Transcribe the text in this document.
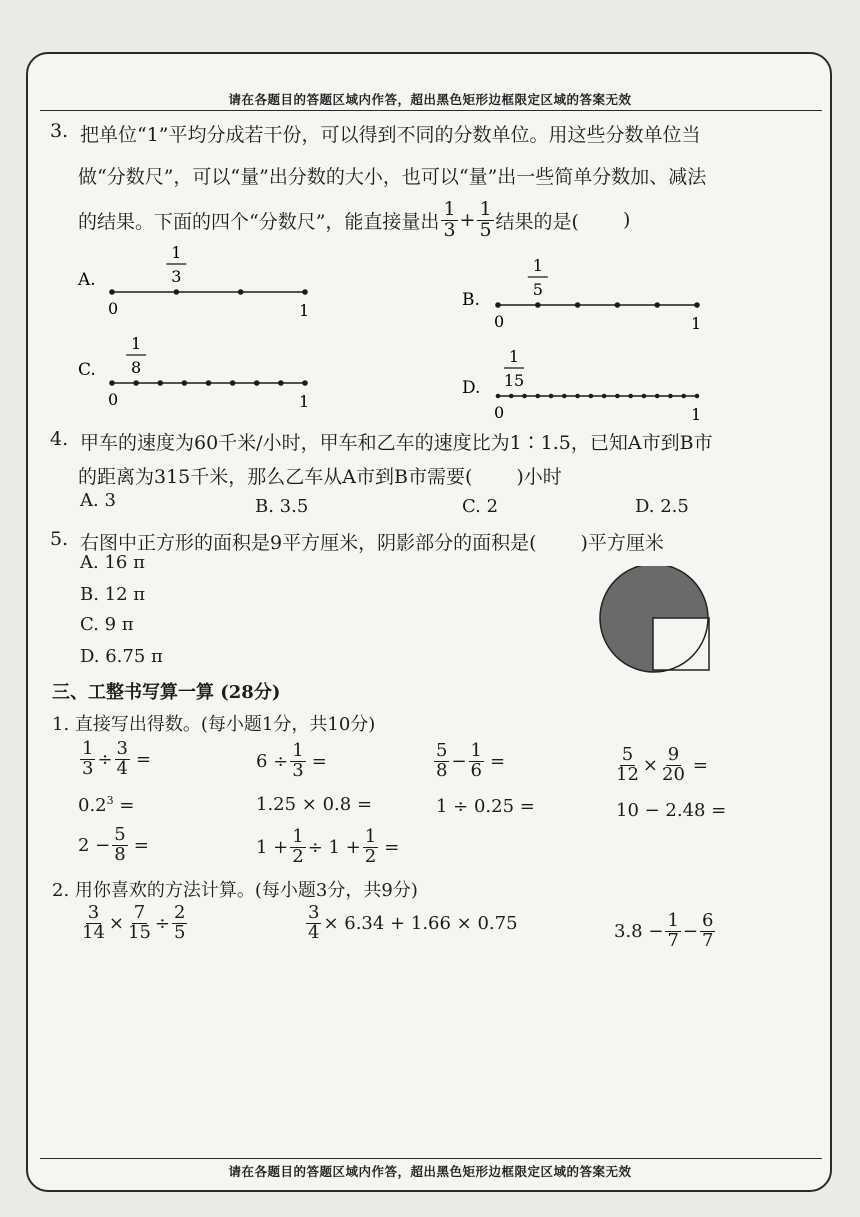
请在各题目的答题区域内作答，超出黑色矩形边框限定区域的答案无效
3. 把单位“1”平均分成若干份，可以得到不同的分数单位。用这些分数单位当
做“分数尺”，可以“量”出分数的大小，也可以“量”出一些简单分数加、减法
的结果。下面的四个“分数尺”，能直接量出 $\frac{1}{3} + \frac{1}{5}$ 结果的是( )
A.
1
3
0	1
B.
1
5
0	1
C.
1
8
0	1
D.
1
15
0	1
4. 甲车的速度为60千米/小时，甲车和乙车的速度比为1∶1.5，已知A市到B市
的距离为315千米，那么乙车从A市到B市需要( )小时
A. 3	B. 3.5	C. 2	D. 2.5
5. 右图中正方形的面积是9平方厘米，阴影部分的面积是( )平方厘米
A. 16 π
B. 12 π
C. 9 π
D. 6.75 π
三、工整书写算一算 (28分)
1. 直接写出得数。(每小题1分，共10分)
$\frac{1}{3} \div \frac{3}{4}$ =	$6 \div \frac{1}{3}$ =	$\frac{5}{8} - \frac{1}{6}$ =	$\frac{5}{12} \times \frac{9}{20}$ =
$0.2^3$ =	1.25 × 0.8 =	1 ÷ 0.25 =	10 − 2.48 =
$2 - \frac{5}{8}$ =	$1 + \frac{1}{2} \div 1 + \frac{1}{2}$ =
2. 用你喜欢的方法计算。(每小题3分，共9分)
$\frac{3}{14} \times \frac{7}{15} \div \frac{2}{5}$	$\frac{3}{4} \times 6.34 + 1.66 \times 0.75$	$3.8 - \frac{1}{7} - \frac{6}{7}$
请在各题目的答题区域内作答，超出黑色矩形边框限定区域的答案无效
